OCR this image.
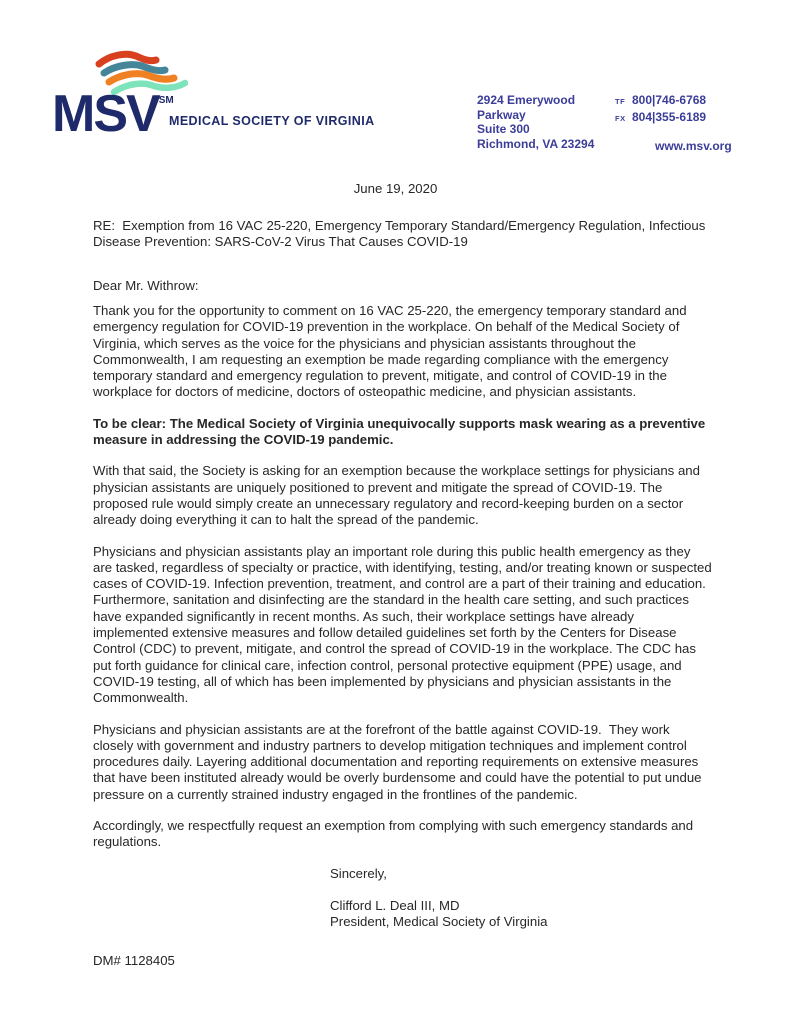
MSV℠
MEDICAL SOCIETY OF VIRGINIA
2924 Emerywood Parkway
Suite 300
Richmond, VA 23294
TF 800|746-6768
FX 804|355-6189
www.msv.org
June 19, 2020
RE:  Exemption from 16 VAC 25-220, Emergency Temporary Standard/Emergency Regulation, Infectious Disease Prevention: SARS-CoV-2 Virus That Causes COVID-19
Dear Mr. Withrow:

Thank you for the opportunity to comment on 16 VAC 25-220, the emergency temporary standard and emergency regulation for COVID-19 prevention in the workplace. On behalf of the Medical Society of Virginia, which serves as the voice for the physicians and physician assistants throughout the Commonwealth, I am requesting an exemption be made regarding compliance with the emergency temporary standard and emergency regulation to prevent, mitigate, and control of COVID-19 in the workplace for doctors of medicine, doctors of osteopathic medicine, and physician assistants.

To be clear: The Medical Society of Virginia unequivocally supports mask wearing as a preventive measure in addressing the COVID-19 pandemic.

With that said, the Society is asking for an exemption because the workplace settings for physicians and physician assistants are uniquely positioned to prevent and mitigate the spread of COVID-19. The proposed rule would simply create an unnecessary regulatory and record-keeping burden on a sector already doing everything it can to halt the spread of the pandemic.

Physicians and physician assistants play an important role during this public health emergency as they are tasked, regardless of specialty or practice, with identifying, testing, and/or treating known or suspected cases of COVID-19. Infection prevention, treatment, and control are a part of their training and education. Furthermore, sanitation and disinfecting are the standard in the health care setting, and such practices have expanded significantly in recent months. As such, their workplace settings have already implemented extensive measures and follow detailed guidelines set forth by the Centers for Disease Control (CDC) to prevent, mitigate, and control the spread of COVID-19 in the workplace. The CDC has put forth guidance for clinical care, infection control, personal protective equipment (PPE) usage, and COVID-19 testing, all of which has been implemented by physicians and physician assistants in the Commonwealth.

Physicians and physician assistants are at the forefront of the battle against COVID-19.  They work closely with government and industry partners to develop mitigation techniques and implement control procedures daily. Layering additional documentation and reporting requirements on extensive measures that have been instituted already would be overly burdensome and could have the potential to put undue pressure on a currently strained industry engaged in the frontlines of the pandemic.

Accordingly, we respectfully request an exemption from complying with such emergency standards and regulations.

Sincerely,
Clifford L. Deal III, MD
President, Medical Society of Virginia
DM# 1128405
